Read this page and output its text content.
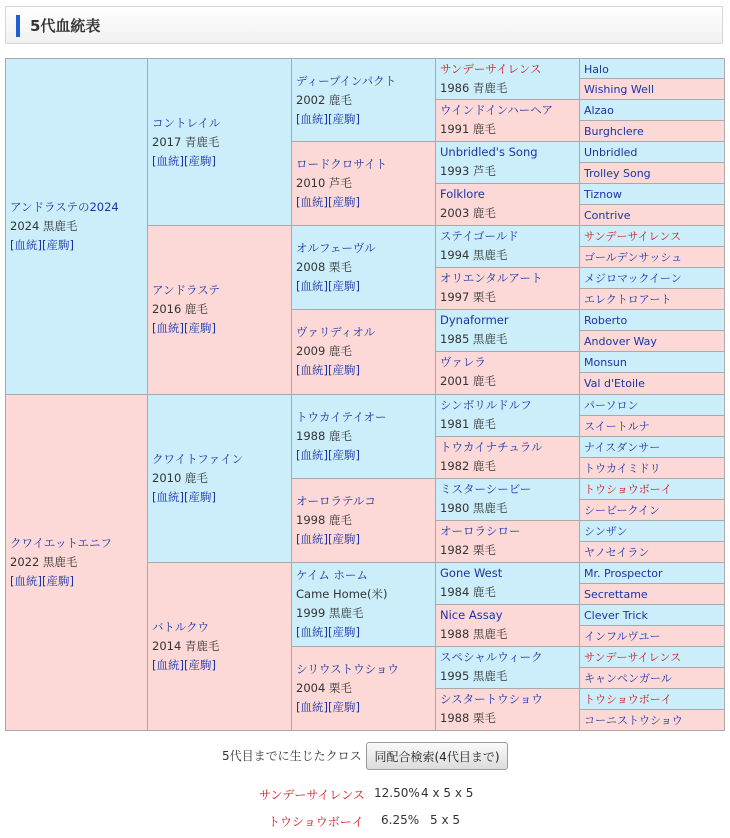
5代血統表
アンドラステの2024
2024 黒鹿毛
[血統][産駒]
クワイエットエニフ
2022 黒鹿毛
[血統][産駒]
コントレイル
2017 青鹿毛
[血統][産駒]
アンドラステ
2016 鹿毛
[血統][産駒]
クワイトファイン
2010 鹿毛
[血統][産駒]
バトルクウ
2014 青鹿毛
[血統][産駒]
ディープインパクト
2002 鹿毛
[血統][産駒]
ロードクロサイト
2010 芦毛
[血統][産駒]
オルフェーヴル
2008 栗毛
[血統][産駒]
ヴァリディオル
2009 鹿毛
[血統][産駒]
トウカイテイオー
1988 鹿毛
[血統][産駒]
オーロラテルコ
1998 鹿毛
[血統][産駒]
ケイム ホーム
Came Home(米)
1999 黒鹿毛
[血統][産駒]
シリウストウショウ
2004 栗毛
[血統][産駒]
サンデーサイレンス
1986 青鹿毛
ウインドインハーヘア
1991 鹿毛
Unbridled's Song
1993 芦毛
Folklore
2003 鹿毛
ステイゴールド
1994 黒鹿毛
オリエンタルアート
1997 栗毛
Dynaformer
1985 黒鹿毛
ヴァレラ
2001 鹿毛
シンボリルドルフ
1981 鹿毛
トウカイナチュラル
1982 鹿毛
ミスターシービー
1980 黒鹿毛
オーロラシロー
1982 栗毛
Gone West
1984 鹿毛
Nice Assay
1988 黒鹿毛
スペシャルウィーク
1995 黒鹿毛
シスタートウショウ
1988 栗毛
Halo
Wishing Well
Alzao
Burghclere
Unbridled
Trolley Song
Tiznow
Contrive
サンデーサイレンス
ゴールデンサッシュ
メジロマックイーン
エレクトロアート
Roberto
Andover Way
Monsun
Val d'Etoile
パーソロン
スイートルナ
ナイスダンサー
トウカイミドリ
トウショウボーイ
シービークイン
シンザン
ヤノセイラン
Mr. Prospector
Secrettame
Clever Trick
インフルヴユー
サンデーサイレンス
キャンペンガール
トウショウボーイ
コーニストウショウ
5代目までに生じたクロス	同配合検索(4代目まで)
サンデーサイレンス 12.50% 4 x 5 x 5
トウショウボーイ 6.25% 5 x 5
